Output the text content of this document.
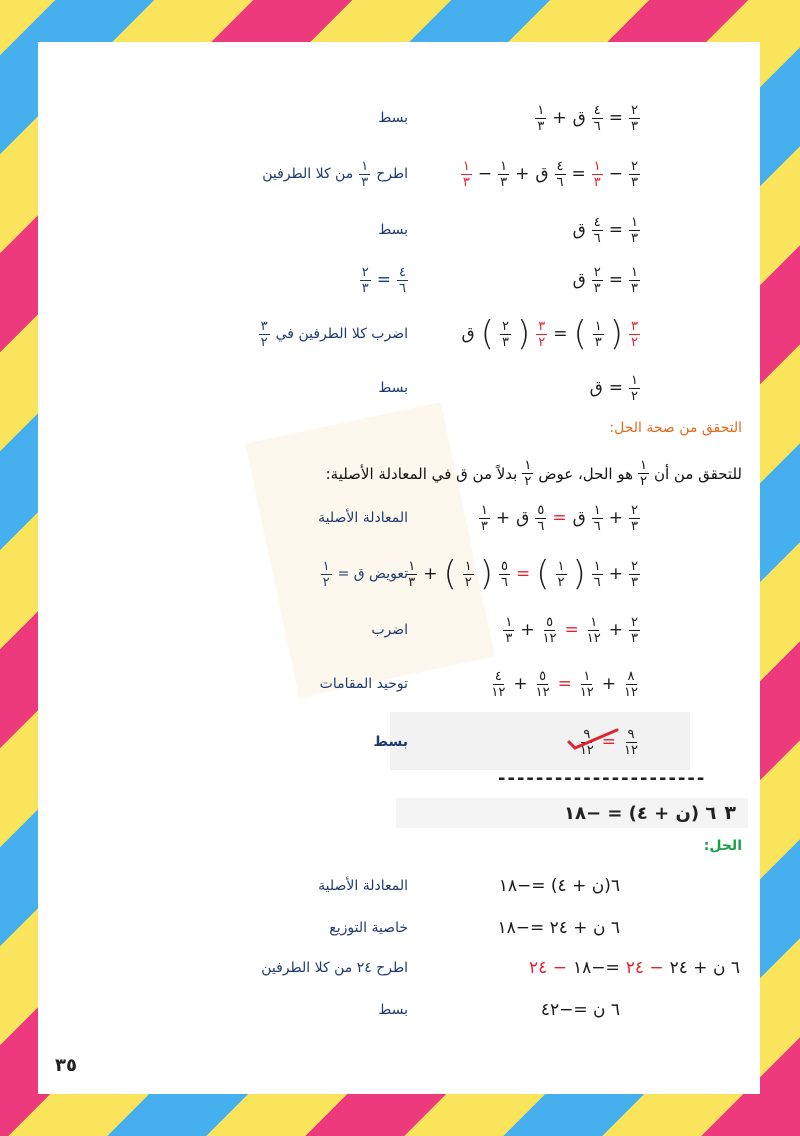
$\frac{٢}{٣}$
=
$\frac{٤}{٦}$
ق
+
$\frac{١}{٣}$
بسط
$\frac{٢}{٣}$
−
$\frac{١}{٣}$
=
$\frac{٤}{٦}$
ق
+
$\frac{١}{٣}$
−
$\frac{١}{٣}$
اطرح
$\frac{١}{٣}$
من كلا الطرفين
$\frac{١}{٣}$
=
$\frac{٤}{٦}$
ق
بسط
$\frac{١}{٣}$
=
$\frac{٢}{٣}$
ق
$\frac{٤}{٦}$
=
$\frac{٢}{٣}$
$\frac{٣}{٢}$
(
$\frac{١}{٣}$
)
=
$\frac{٣}{٢}$
(
$\frac{٢}{٣}$
)
ق
اضرب كلا الطرفين في
$\frac{٣}{٢}$
$\frac{١}{٢}$
=
ق
بسط
التحقق من صحة الحل:
للتحقق من أن
$\frac{١}{٢}$
هو الحل، عوض
$\frac{١}{٢}$
بدلاً من ق في المعادلة الأصلية:
$\frac{٢}{٣}$
+
$\frac{١}{٦}$
ق
=
$\frac{٥}{٦}$
ق
+
$\frac{١}{٣}$
المعادلة الأصلية
$\frac{٢}{٣}$
+
$\frac{١}{٦}$
(
$\frac{١}{٢}$
)
=
$\frac{٥}{٦}$
(
$\frac{١}{٢}$
)
+
$\frac{١}{٣}$
تعويض ق =
$\frac{١}{٢}$
$\frac{٢}{٣}$
+
$\frac{١}{١٢}$
=
$\frac{٥}{١٢}$
+
$\frac{١}{٣}$
اضرب
$\frac{٨}{١٢}$
+
$\frac{١}{١٢}$
=
$\frac{٥}{١٢}$
+
$\frac{٤}{١٢}$
توحيد المقامات
$\frac{٩}{١٢}$
=
$\frac{٩}{١٢}$
بسط
----------------------
٣
٦ (ن + ٤) = −١٨
الحل:
٦(ن + ٤) =−١٨
المعادلة الأصلية
٦ ن + ٢٤ =−١٨
خاصية التوزيع
٦ ن + ٢٤
− ٢٤
=−١٨
− ٢٤
اطرح ٢٤ من كلا الطرفين
٦ ن =−٤٢
بسط
٣٥
